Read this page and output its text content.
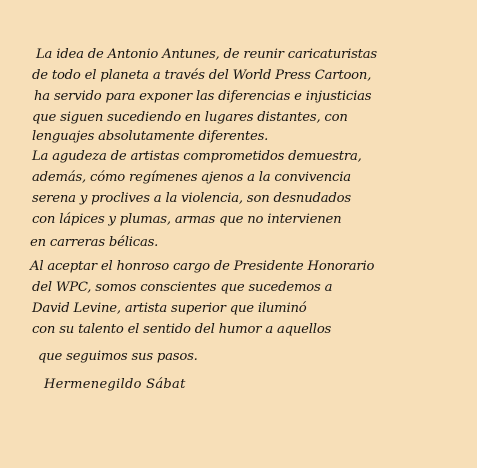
La idea de Antonio Antunes, de reunir caricaturistas
de todo el planeta a través del World Press Cartoon,
ha servido para exponer las diferencias e injusticias
que siguen sucediendo en lugares distantes, con
lenguajes absolutamente diferentes.
La agudeza de artistas comprometidos demuestra,
además, cómo regímenes ajenos a la convivencia
serena y proclives a la violencia, son desnudados
con lápices y plumas, armas que no intervienen
en carreras bélicas.
Al aceptar el honroso cargo de Presidente Honorario
del WPC, somos conscientes que sucedemos a
David Levine, artista superior que iluminó
con su talento el sentido del humor a aquellos
que seguimos sus pasos.
Hermenegildo Sábat
